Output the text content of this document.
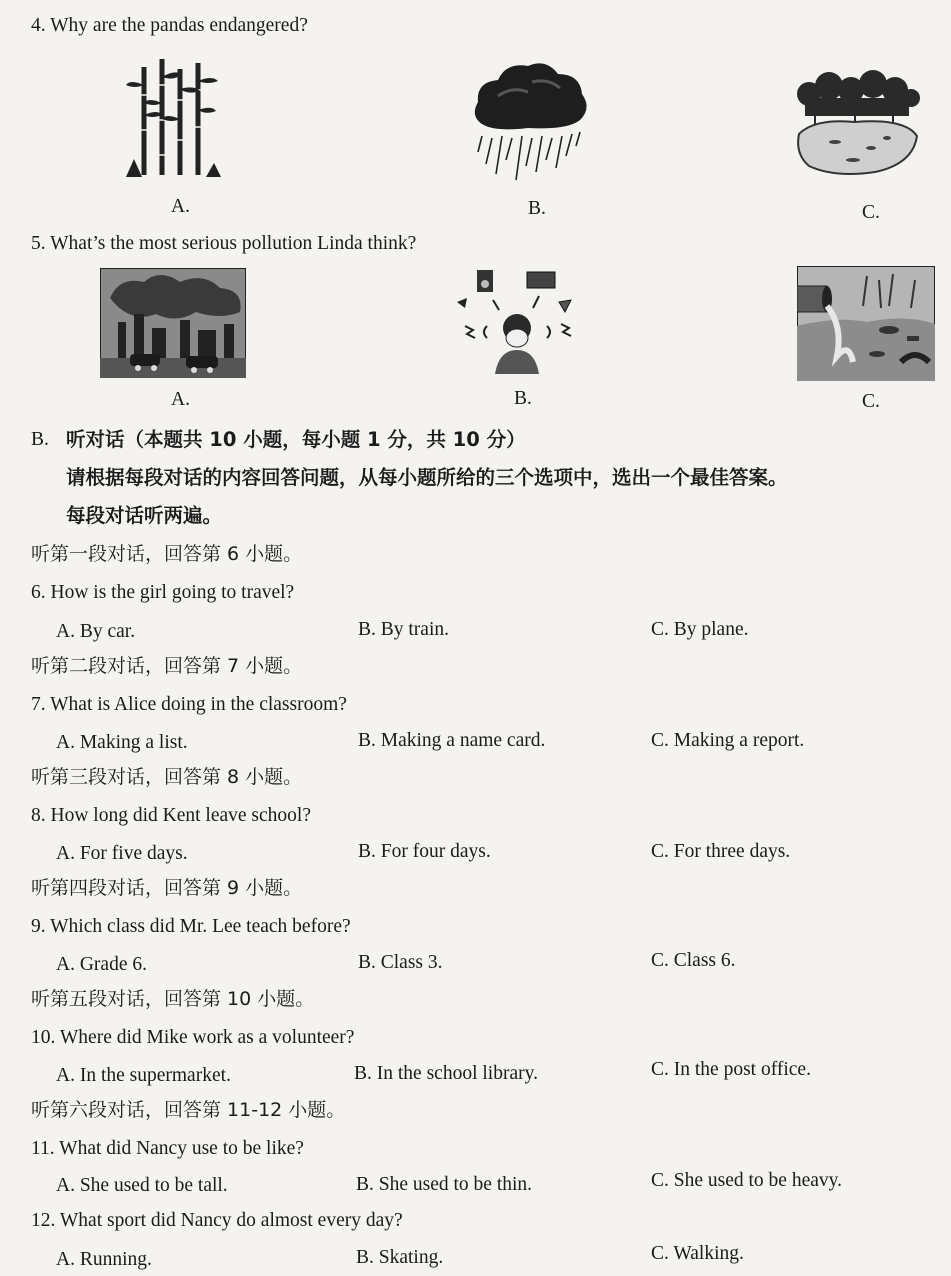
4. Why are the pandas endangered?
A.	B.	C.
5. What’s the most serious pollution Linda think?
A.	B.	C.
B. 听对话（本题共 10 小题，每小题 1 分，共 10 分）
请根据每段对话的内容回答问题，从每小题所给的三个选项中，选出一个最佳答案。
每段对话听两遍。
听第一段对话，回答第 6 小题。
6. How is the girl going to travel?
A. By car.	B. By train.	C. By plane.
听第二段对话，回答第 7 小题。
7. What is Alice doing in the classroom?
A. Making a list.	B. Making a name card.	C. Making a report.
听第三段对话，回答第 8 小题。
8. How long did Kent leave school?
A. For five days.	B. For four days.	C. For three days.
听第四段对话，回答第 9 小题。
9. Which class did Mr. Lee teach before?
A. Grade 6.	B. Class 3.	C. Class 6.
听第五段对话，回答第 10 小题。
10. Where did Mike work as a volunteer?
A. In the supermarket.	B. In the school library.	C. In the post office.
听第六段对话，回答第 11-12 小题。
11. What did Nancy use to be like?
A. She used to be tall.	B. She used to be thin.	C. She used to be heavy.
12. What sport did Nancy do almost every day?
A. Running.	B. Skating.	C. Walking.
